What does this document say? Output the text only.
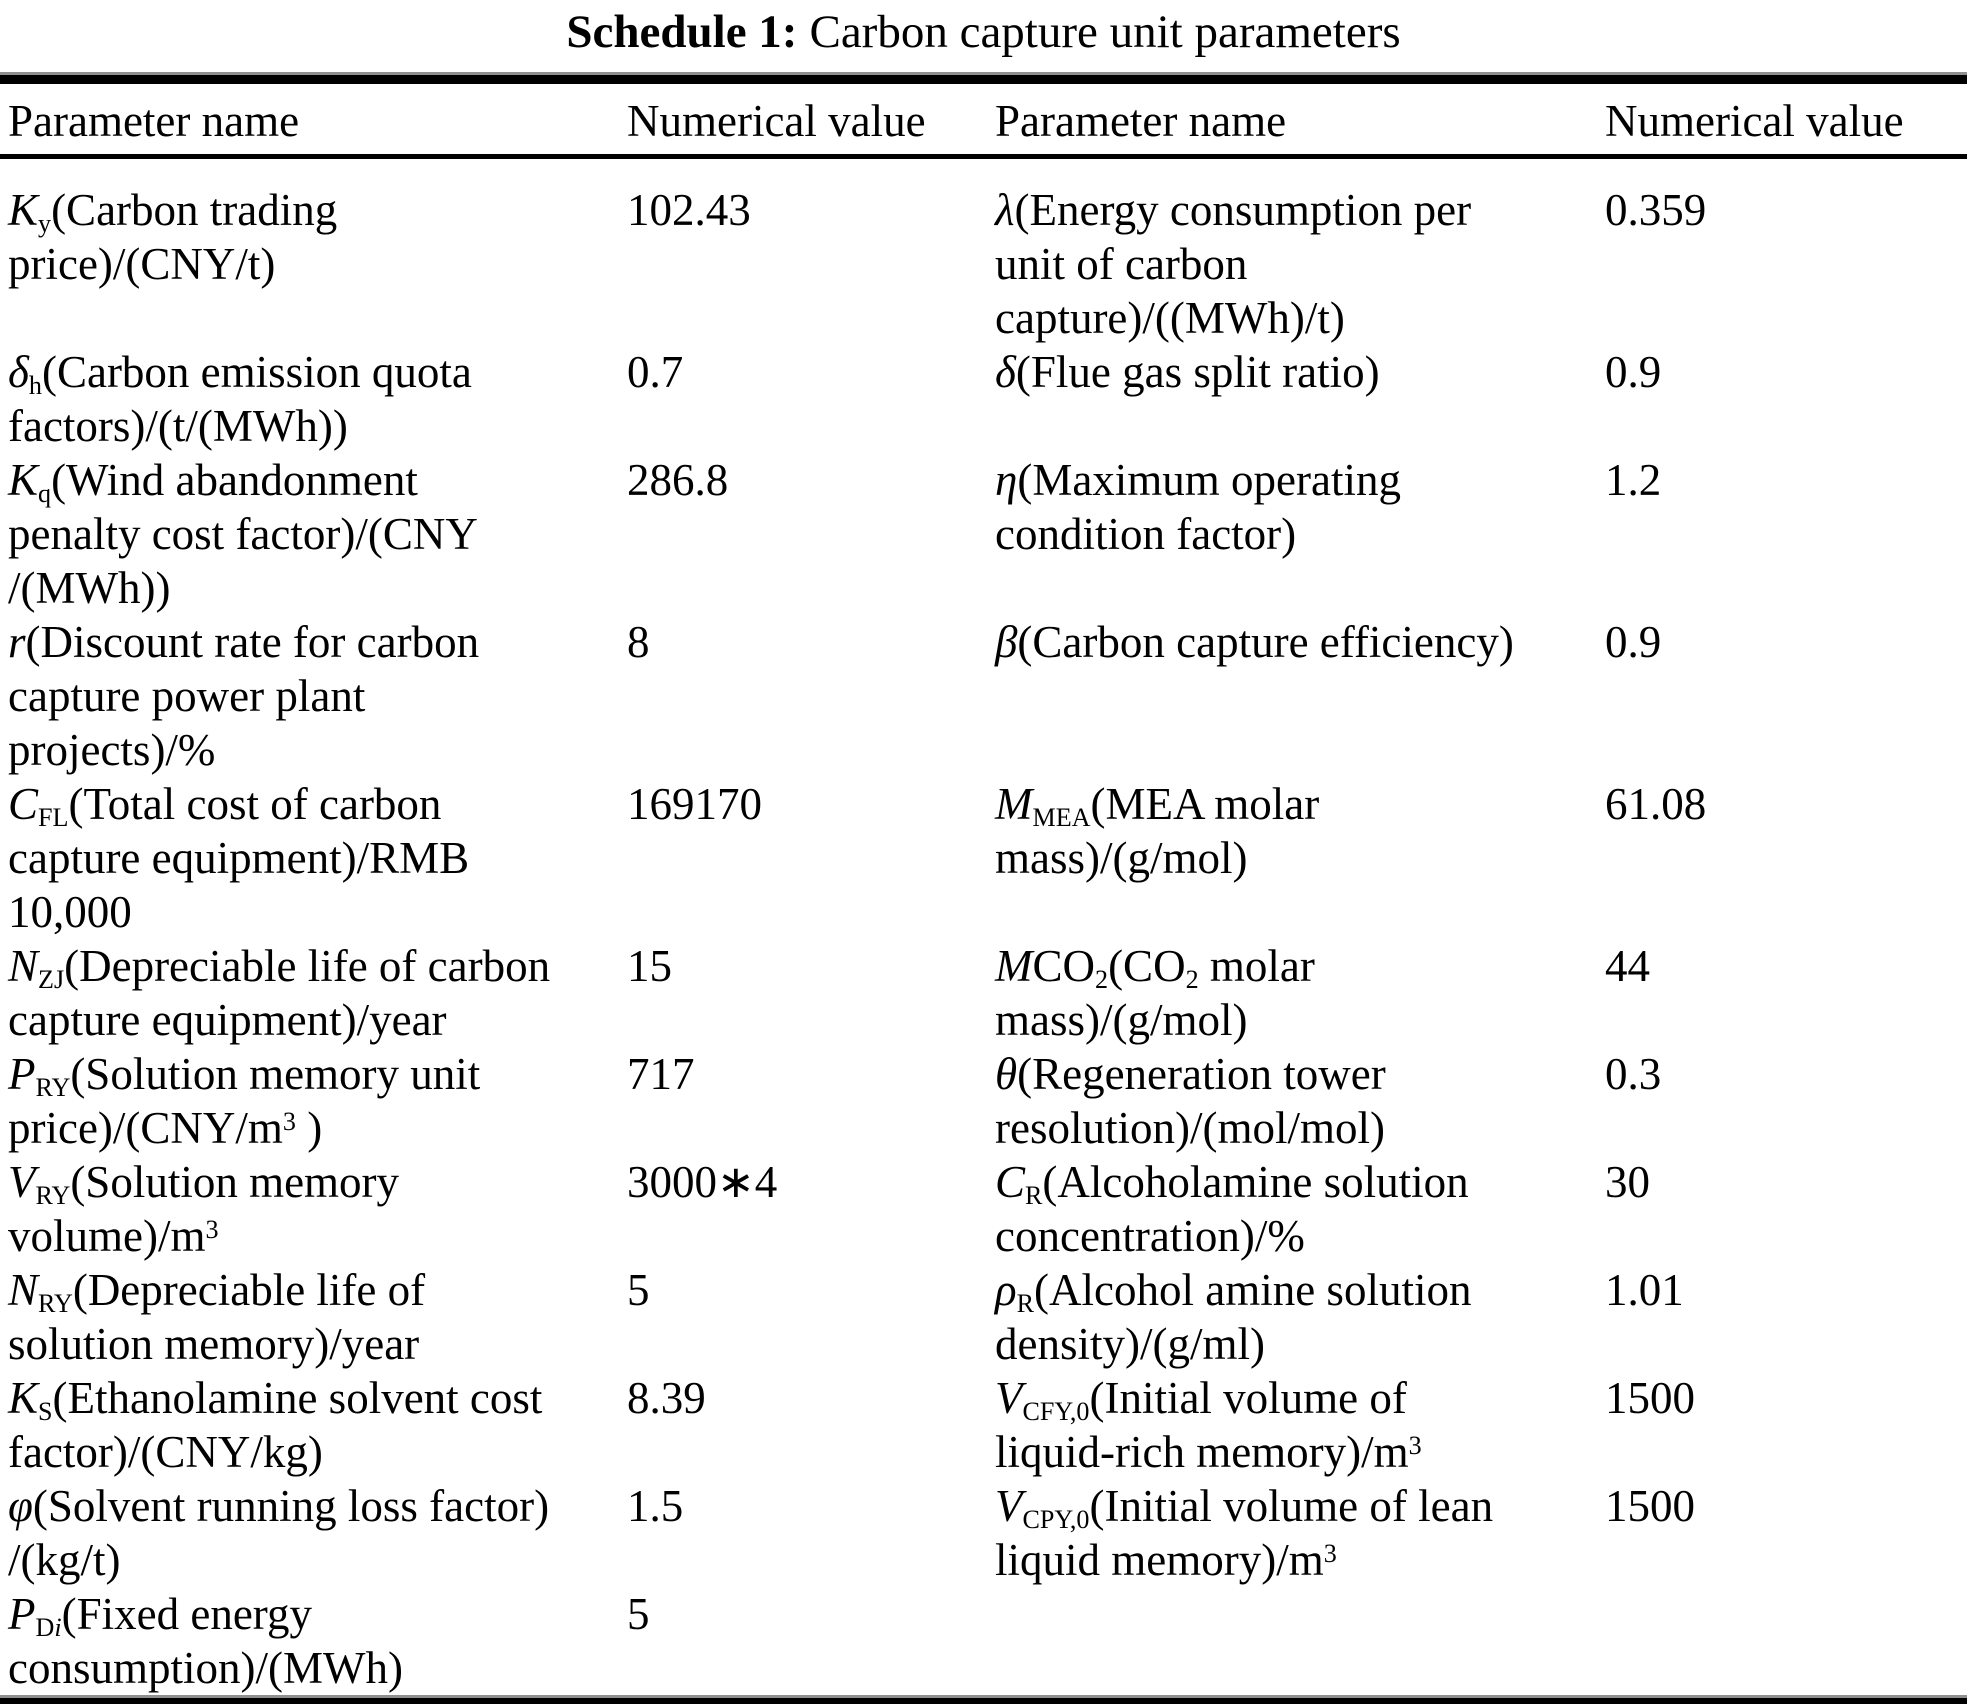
Schedule 1: Carbon capture unit parameters
Parameter name	Numerical value	Parameter name	Numerical value
$K_y(Carbon$ trading
price)/(CNY/t)	102.43	λ(Energy consumption per
unit of carbon
capture)/((MWh)/t)	0.359
$\delta_h(Carbon$ emission quota
factors)/(t/(MWh))	0.7	δ(Flue gas split ratio)	0.9
$K_q(Wind$ abandonment
penalty cost factor)/(CNY
/(MWh))	286.8	η(Maximum operating
condition factor)	1.2
r(Discount rate for carbon
capture power plant
projects)/%	8	β(Carbon capture efficiency)	0.9
$C_{FL}(Total$ cost of carbon
capture equipment)/RMB
10,000	169170	$M_{MEA}(MEA$ molar
mass)/(g/mol)	61.08
$N_{ZJ}(Depreciable$ life of carbon
capture equipment)/year	15	$MCO_2(CO_2$ molar
mass)/(g/mol)	44
$P_{RY}(Solution$ memory unit
$price)/(CNY/m^3$ )	717	θ(Regeneration tower
resolution)/(mol/mol)	0.3
$V_{RY}(Solution$ memory
$volume)/m^3$	3000∗4	$C_R(Alcoholamine$ solution
concentration)/%	30
$N_{RY}(Depreciable$ life of
solution memory)/year	5	$\rho_R(Alcohol$ amine solution
density)/(g/ml)	1.01
$K_S(Ethanolamine$ solvent cost
factor)/(CNY/kg)	8.39	$V_{CFY,0}(Initial$ volume of
liquid-rich $memory)/m^3$	1500
φ(Solvent running loss factor)
/(kg/t)	1.5	$V_{CPY,0}(Initial$ volume of lean
liquid $memory)/m^3$	1500
$P_{Di}(Fixed$ energy
consumption)/(MWh)	5		
